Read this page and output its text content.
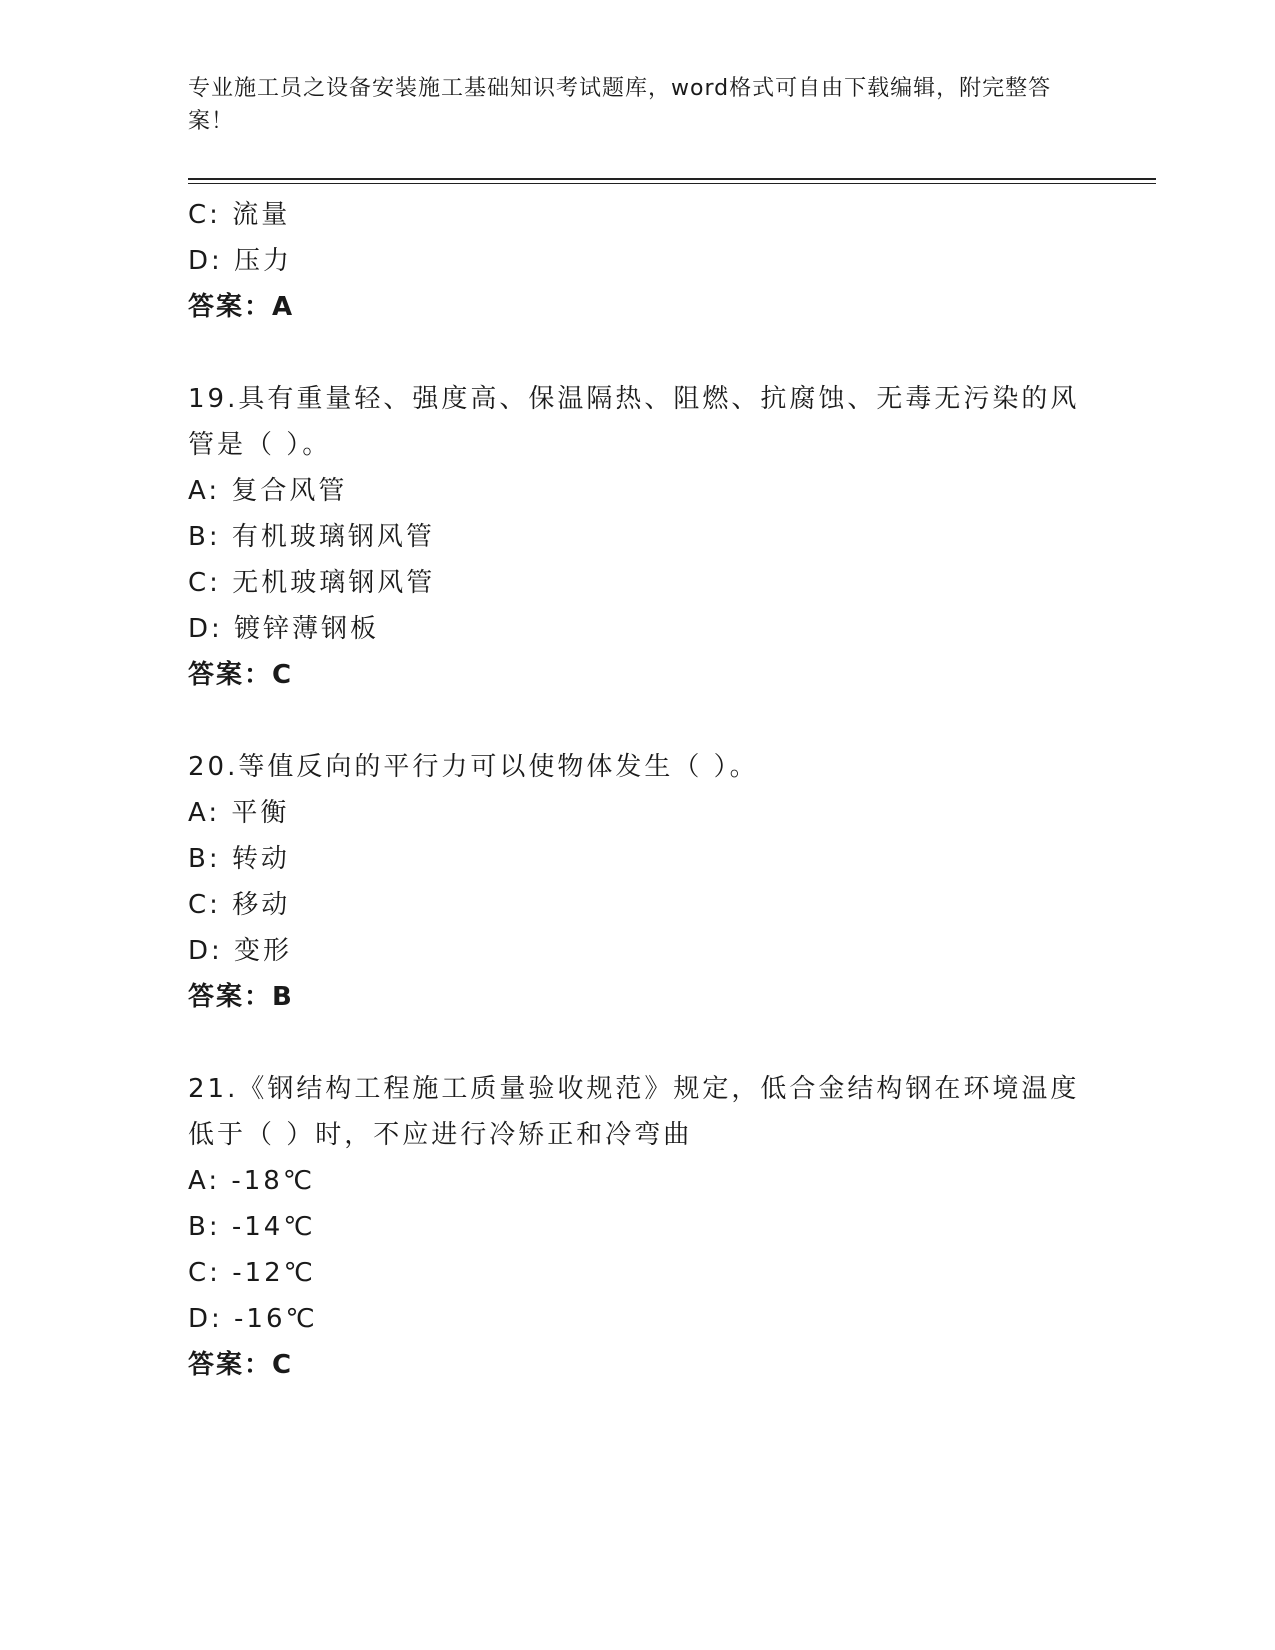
专业施工员之设备安装施工基础知识考试题库，word格式可自由下载编辑，附完整答案！
C: 流量
D: 压力
答案：A
19.具有重量轻、强度高、保温隔热、阻燃、抗腐蚀、无毒无污染的风
管是（ ）。
A: 复合风管
B: 有机玻璃钢风管
C: 无机玻璃钢风管
D: 镀锌薄钢板
答案：C
20.等值反向的平行力可以使物体发生（ ）。
A: 平衡
B: 转动
C: 移动
D: 变形
答案：B
21.《钢结构工程施工质量验收规范》规定，低合金结构钢在环境温度
低于（ ）时，不应进行冷矫正和冷弯曲
A: -18℃
B: -14℃
C: -12℃
D: -16℃
答案：C
